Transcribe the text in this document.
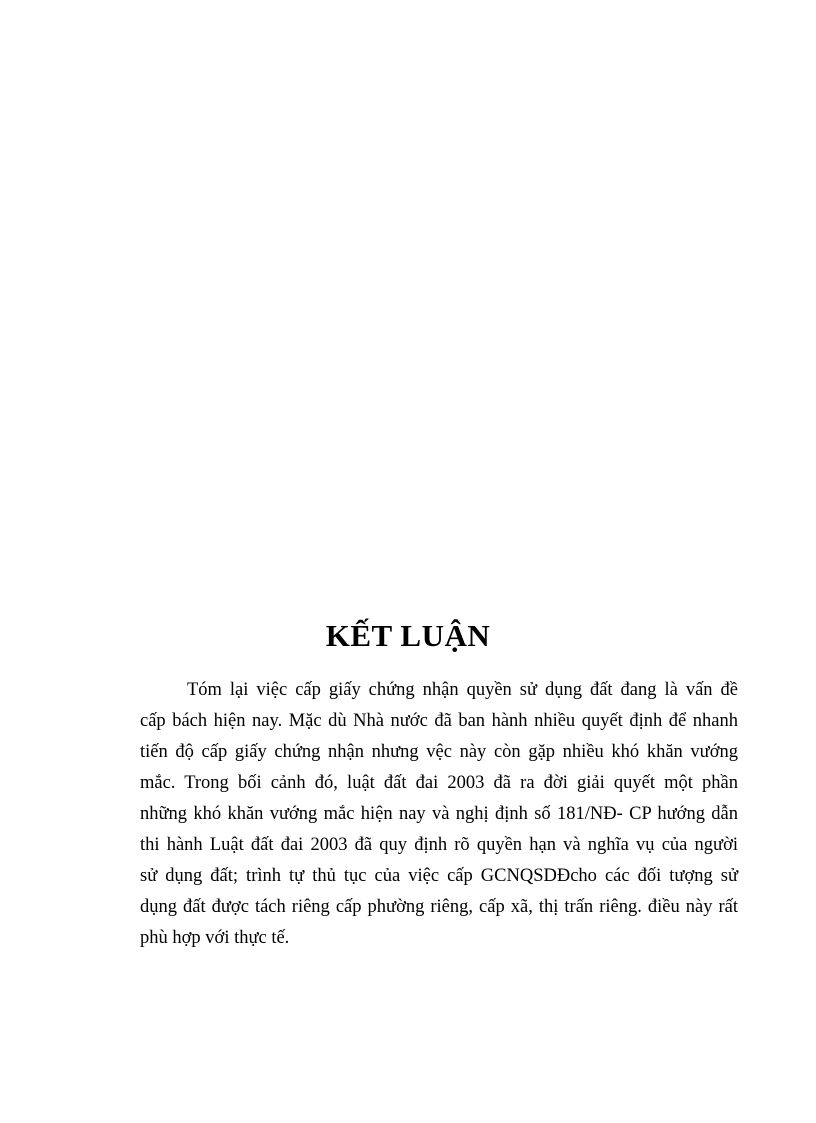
KẾT LUẬN
Tóm lại việc cấp giấy chứng nhận quyền sử dụng đất đang là vấn đề
cấp bách hiện nay. Mặc dù Nhà nước đã ban hành nhiều quyết định để nhanh
tiến độ cấp giấy chứng nhận nhưng vệc này còn gặp nhiều khó khăn vướng
mắc. Trong bối cảnh đó, luật đất đai 2003 đã ra đời giải quyết một phần
những khó khăn vướng mắc hiện nay và nghị định số 181/NĐ- CP hướng dẫn
thi hành Luật đất đai 2003 đã quy định rõ quyền hạn và nghĩa vụ của người
sử dụng đất; trình tự thủ tục của việc cấp GCNQSDĐcho các đối tượng sử
dụng đất được tách riêng cấp phường riêng, cấp xã, thị trấn riêng. điều này rất
phù hợp với thực tế.
